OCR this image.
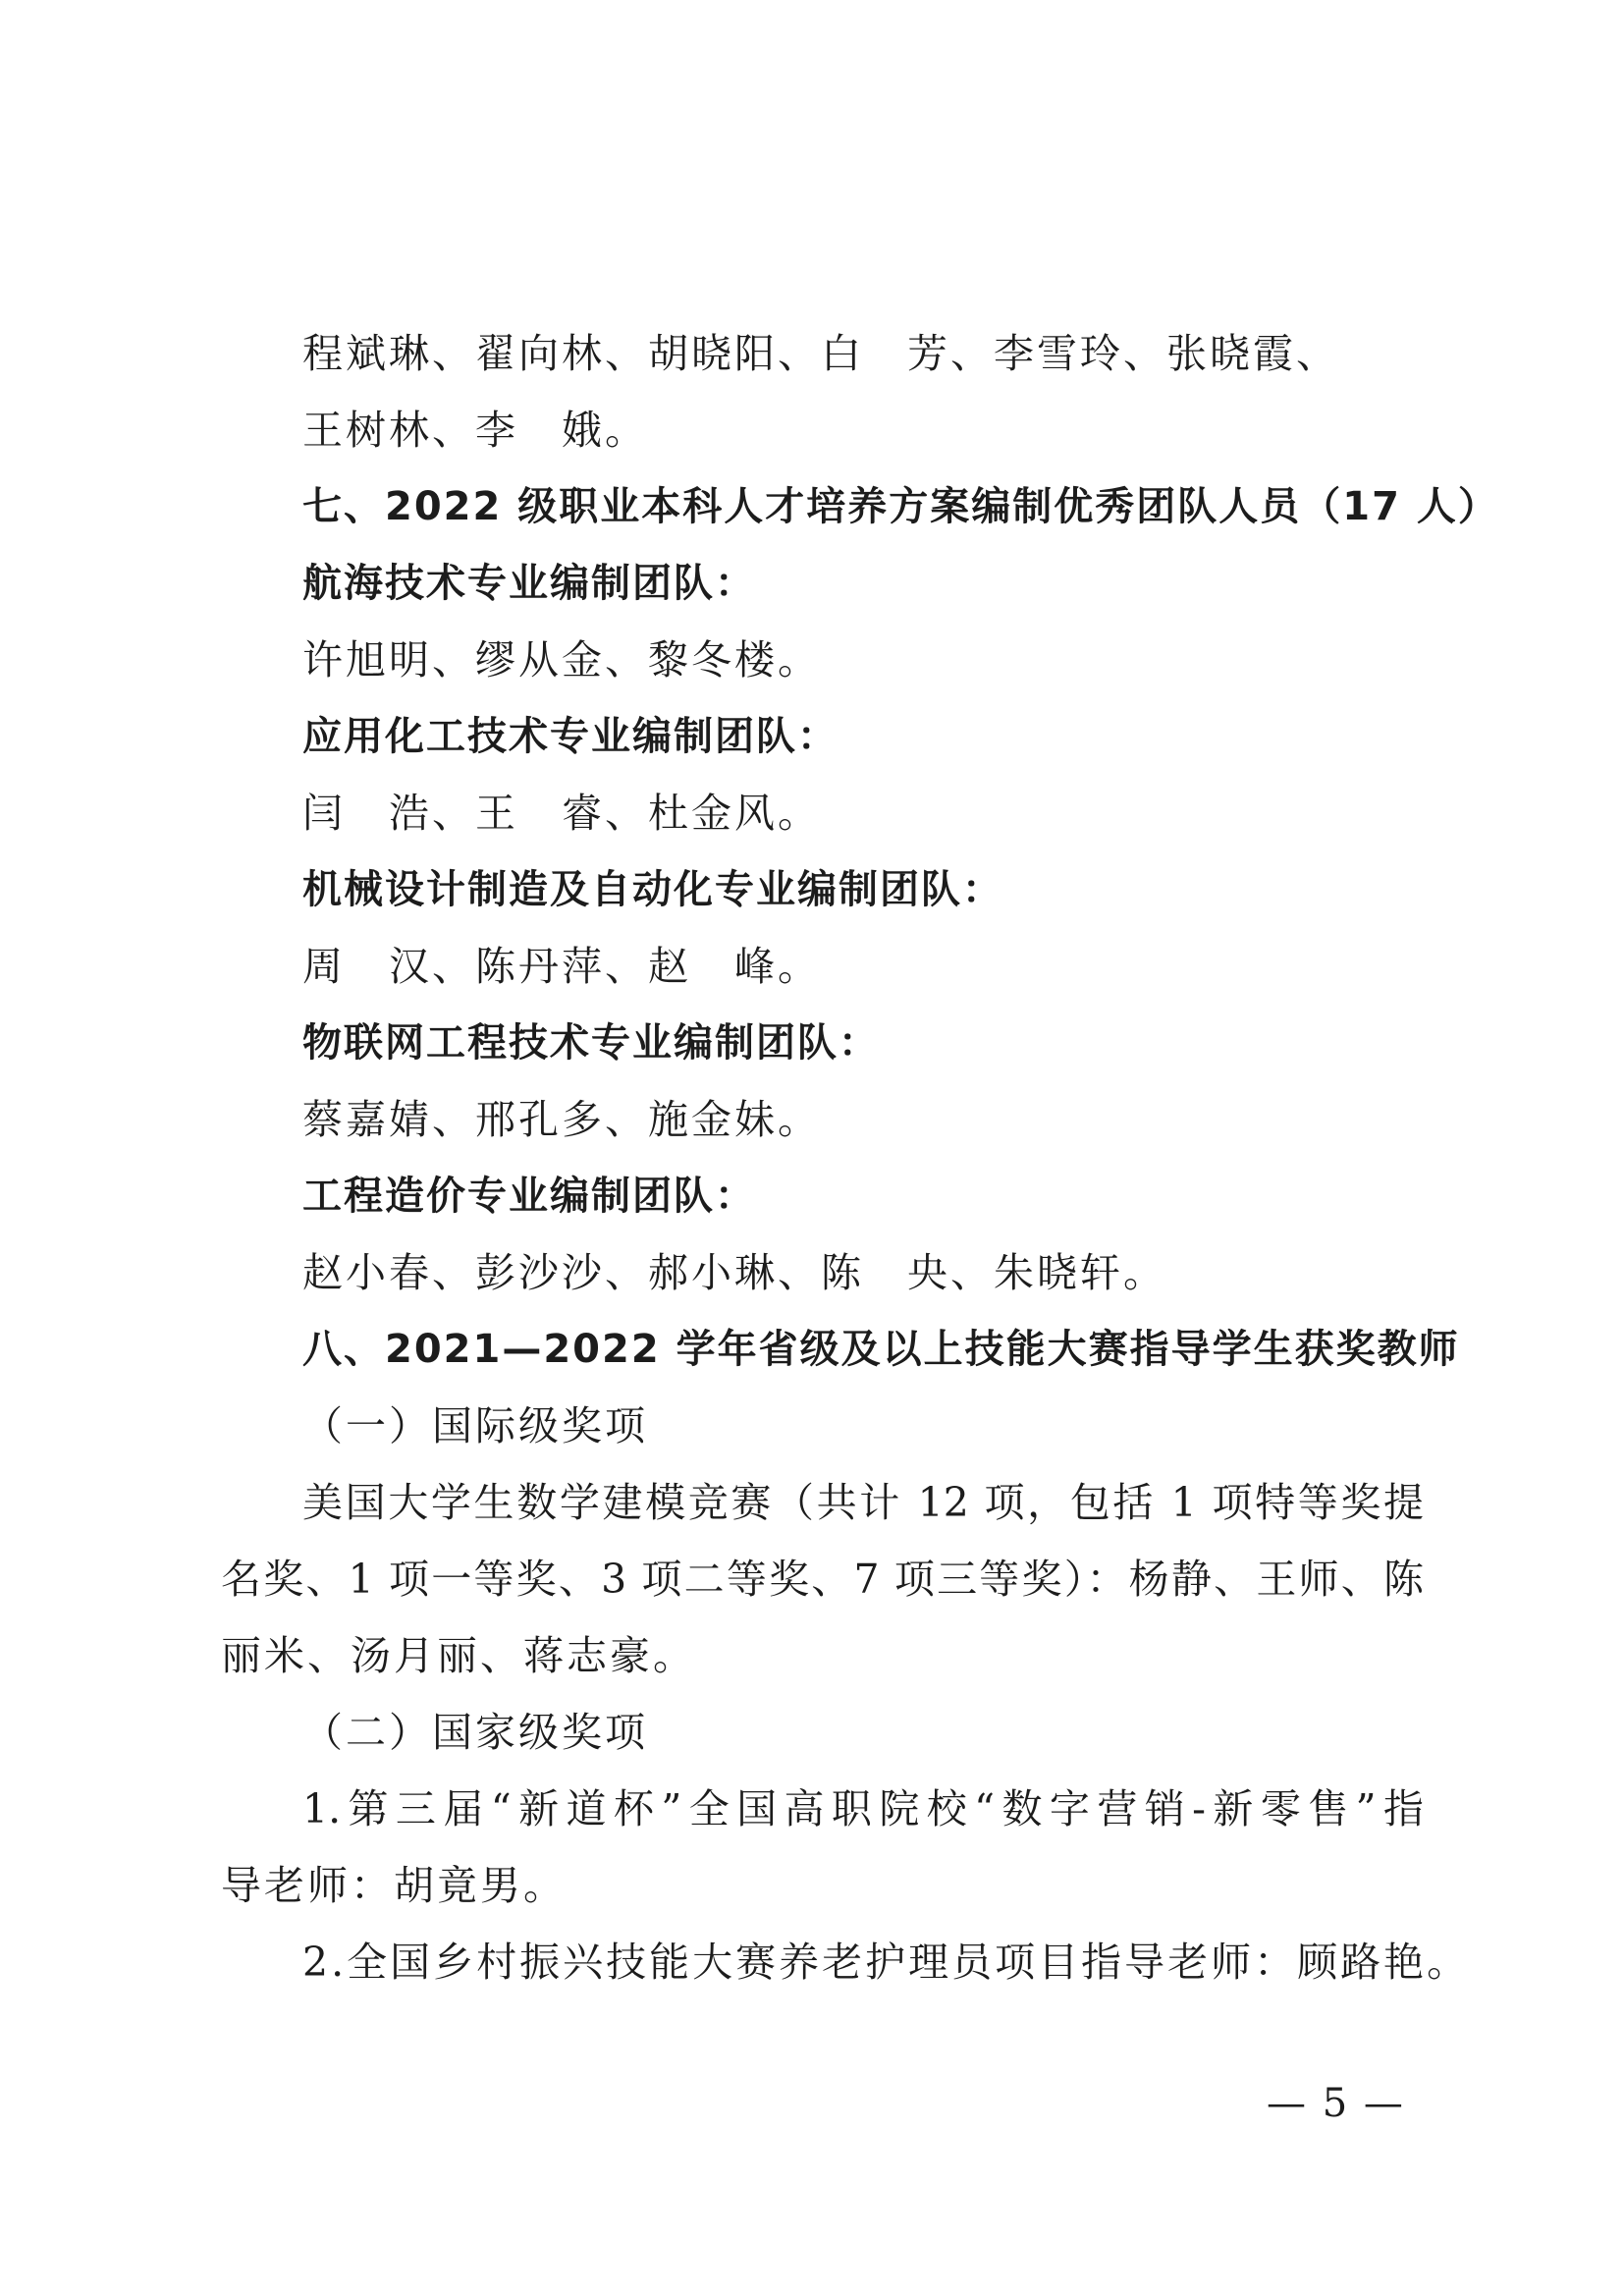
程斌琳、翟向林、胡晓阳、白　芳、李雪玲、张晓霞、
王树林、李　娥。
七、2022 级职业本科人才培养方案编制优秀团队人员（17 人）
航海技术专业编制团队：
许旭明、缪从金、黎冬楼。
应用化工技术专业编制团队：
闫　浩、王　睿、杜金风。
机械设计制造及自动化专业编制团队：
周　汉、陈丹萍、赵　峰。
物联网工程技术专业编制团队：
蔡嘉婧、邢孔多、施金妹。
工程造价专业编制团队：
赵小春、彭沙沙、郝小琳、陈　央、朱晓轩。
八、2021—2022 学年省级及以上技能大赛指导学生获奖教师
（一）国际级奖项
美国大学生数学建模竞赛（共计 12 项，包括 1 项特等奖提
名奖、1 项一等奖、3 项二等奖、7 项三等奖）：杨静、王师、陈
丽米、汤月丽、蒋志豪。
（二）国家级奖项
1.第三届“新道杯”全国高职院校“数字营销-新零售”指
导老师：胡竟男。
2.全国乡村振兴技能大赛养老护理员项目指导老师：顾路艳。
— 5 —
